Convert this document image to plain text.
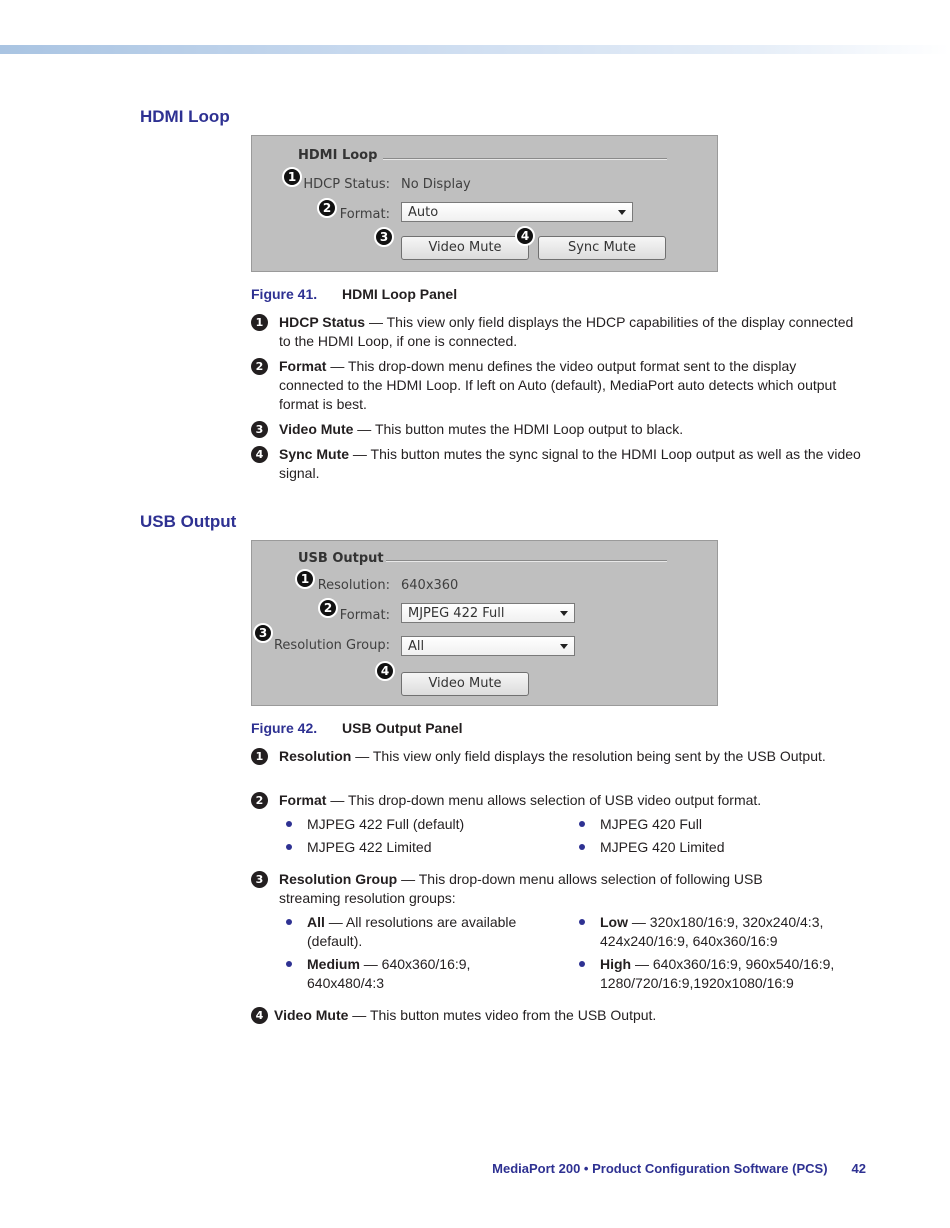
HDMI Loop
HDMI Loop
1 HDCP Status: No Display
2 Format:	Auto
3
Video Mute
4
Sync Mute
Figure 41. HDMI Loop Panel
1	HDCP Status — This view only field displays the HDCP capabilities of the display connected to the HDMI Loop, if one is connected.
2	Format — This drop-down menu defines the video output format sent to the display connected to the HDMI Loop. If left on Auto (default), MediaPort auto detects which output format is best.
3	Video Mute — This button mutes the HDMI Loop output to black.
4	Sync Mute — This button mutes the sync signal to the HDMI Loop output as well as the video signal.
USB Output
USB Output
1 Resolution: 640x360
2 Format:	MJPEG 422 Full
3
Resolution Group:	All
4
Video Mute
Figure 42. USB Output Panel
1	Resolution — This view only field displays the resolution being sent by the USB Output.
2	Format — This drop-down menu allows selection of USB video output format.
MJPEG 422 Full (default)	MJPEG 420 Full
MJPEG 422 Limited	MJPEG 420 Limited
3	Resolution Group — This drop-down menu allows selection of following USB streaming resolution groups:
All — All resolutions are available (default).
Low — 320x180/16:9, 320x240/4:3, 424x240/16:9, 640x360/16:9
Medium — 640x360/16:9, 640x480/4:3
High — 640x360/16:9, 960x540/16:9, 1280/720/16:9,1920x1080/16:9
4 Video Mute — This button mutes video from the USB Output.
MediaPort 200 • Product Configuration Software (PCS) 42
